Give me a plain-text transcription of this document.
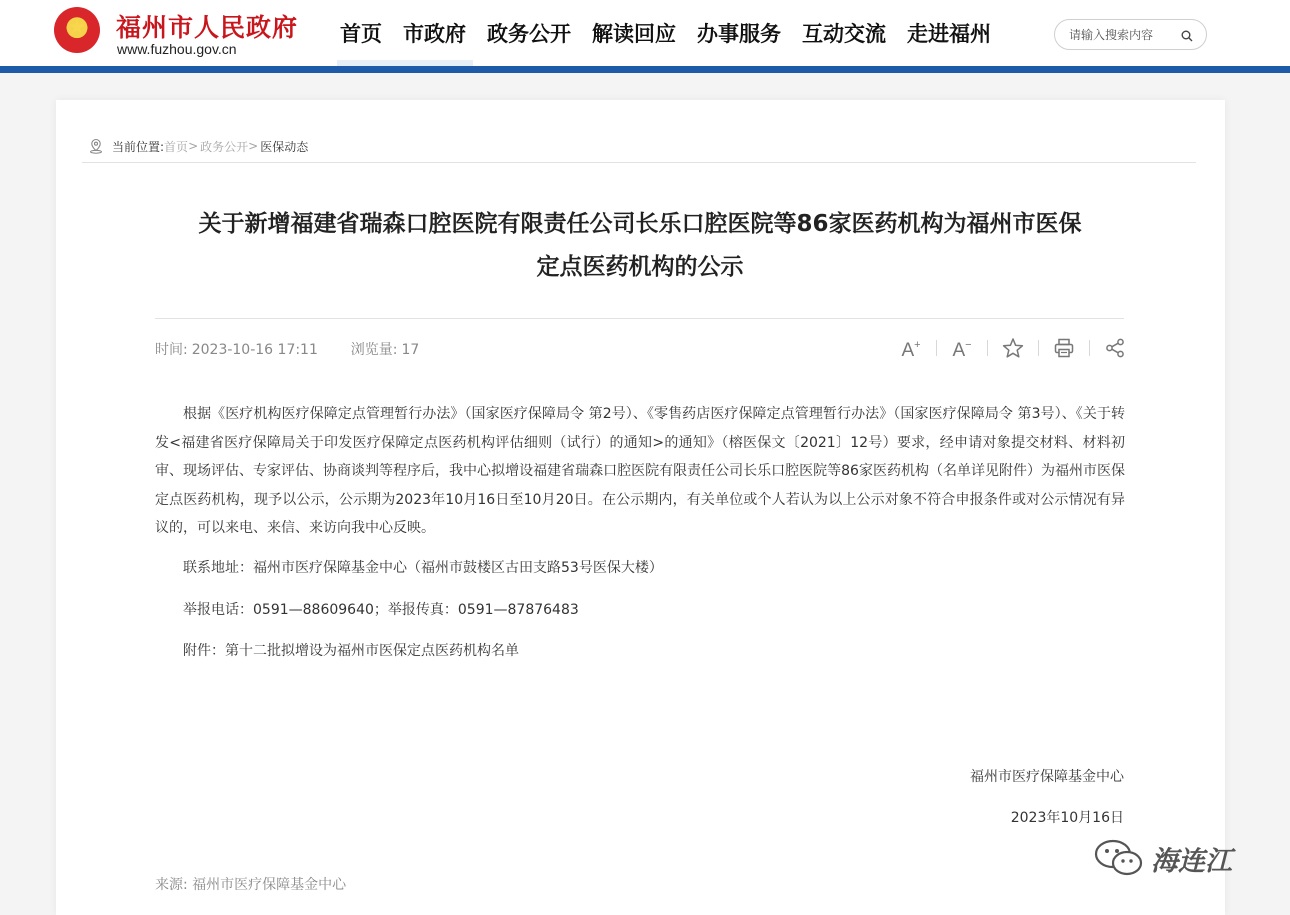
福州市人民政府
www.fuzhou.gov.cn
首页 市政府 政务公开 解读回应 办事服务 互动交流 走进福州
请输入搜索内容
当前位置: 首页 > 政务公开 > 医保动态
关于新增福建省瑞森口腔医院有限责任公司长乐口腔医院等86家医药机构为福州市医保
定点医药机构的公示
时间: 2023-10-16 17:11 浏览量: 17	A+ A−

根据《医疗机构医疗保障定点管理暂行办法》（国家医疗保障局令 第2号）、《零售药店医疗保障定点管理暂行办法》（国家医疗保障局令 第3号）、《关于转发<福建省医疗保障局关于印发医疗保障定点医药机构评估细则（试行）的通知>的通知》（榕医保文〔2021〕12号）要求，经申请对象提交材料、材料初审、现场评估、专家评估、协商谈判等程序后，我中心拟增设福建省瑞森口腔医院有限责任公司长乐口腔医院等86家医药机构（名单详见附件）为福州市医保定点医药机构，现予以公示，公示期为2023年10月16日至10月20日。在公示期内，有关单位或个人若认为以上公示对象不符合申报条件或对公示情况有异议的，可以来电、来信、来访向我中心反映。

联系地址：福州市医疗保障基金中心（福州市鼓楼区古田支路53号医保大楼）
举报电话：0591—88609640；举报传真：0591—87876483
附件：第十二批拟增设为福州市医保定点医药机构名单
福州市医疗保障基金中心
2023年10月16日
来源: 福州市医疗保障基金中心
海连江
